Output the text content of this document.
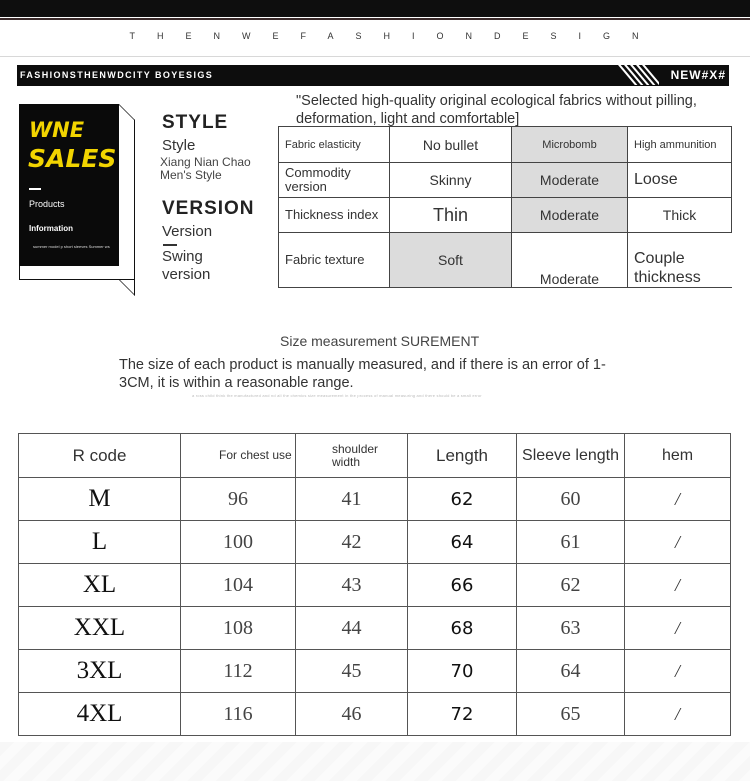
THENWEFASHIONDESIGN
FASHIONSTHENWDCITY BOYESIGS	NEW#X#
WNE
SALES
Products
Information
summer model p short sleeves Summer ws
STYLE
Style
Xiang Nian Chao Men's Style
VERSION
Version
Swing version
"Selected high-quality original ecological fabrics without pilling, deformation, light and comfortable]
Fabric elasticity	No bullet	Microbomb	High ammunition
Commodity version	Skinny	Moderate	Loose
Thickness index	Thin	Moderate	Thick
Fabric texture	Soft	Moderate	Couple thickness
Size measurement SUREMENT
The size of each product is manually measured, and if there is an error of 1-3CM, it is within a reasonable range.
a ross child think the manufactured and nd all the chemics size measurement in the process of manual measuring and there should be a small error
R code	For chest use	shoulder width	Length	Sleeve length	hem
M	96	41	62	60	/
L	100	42	64	61	/
XL	104	43	66	62	/
XXL	108	44	68	63	/
3XL	112	45	70	64	/
4XL	116	46	72	65	/
